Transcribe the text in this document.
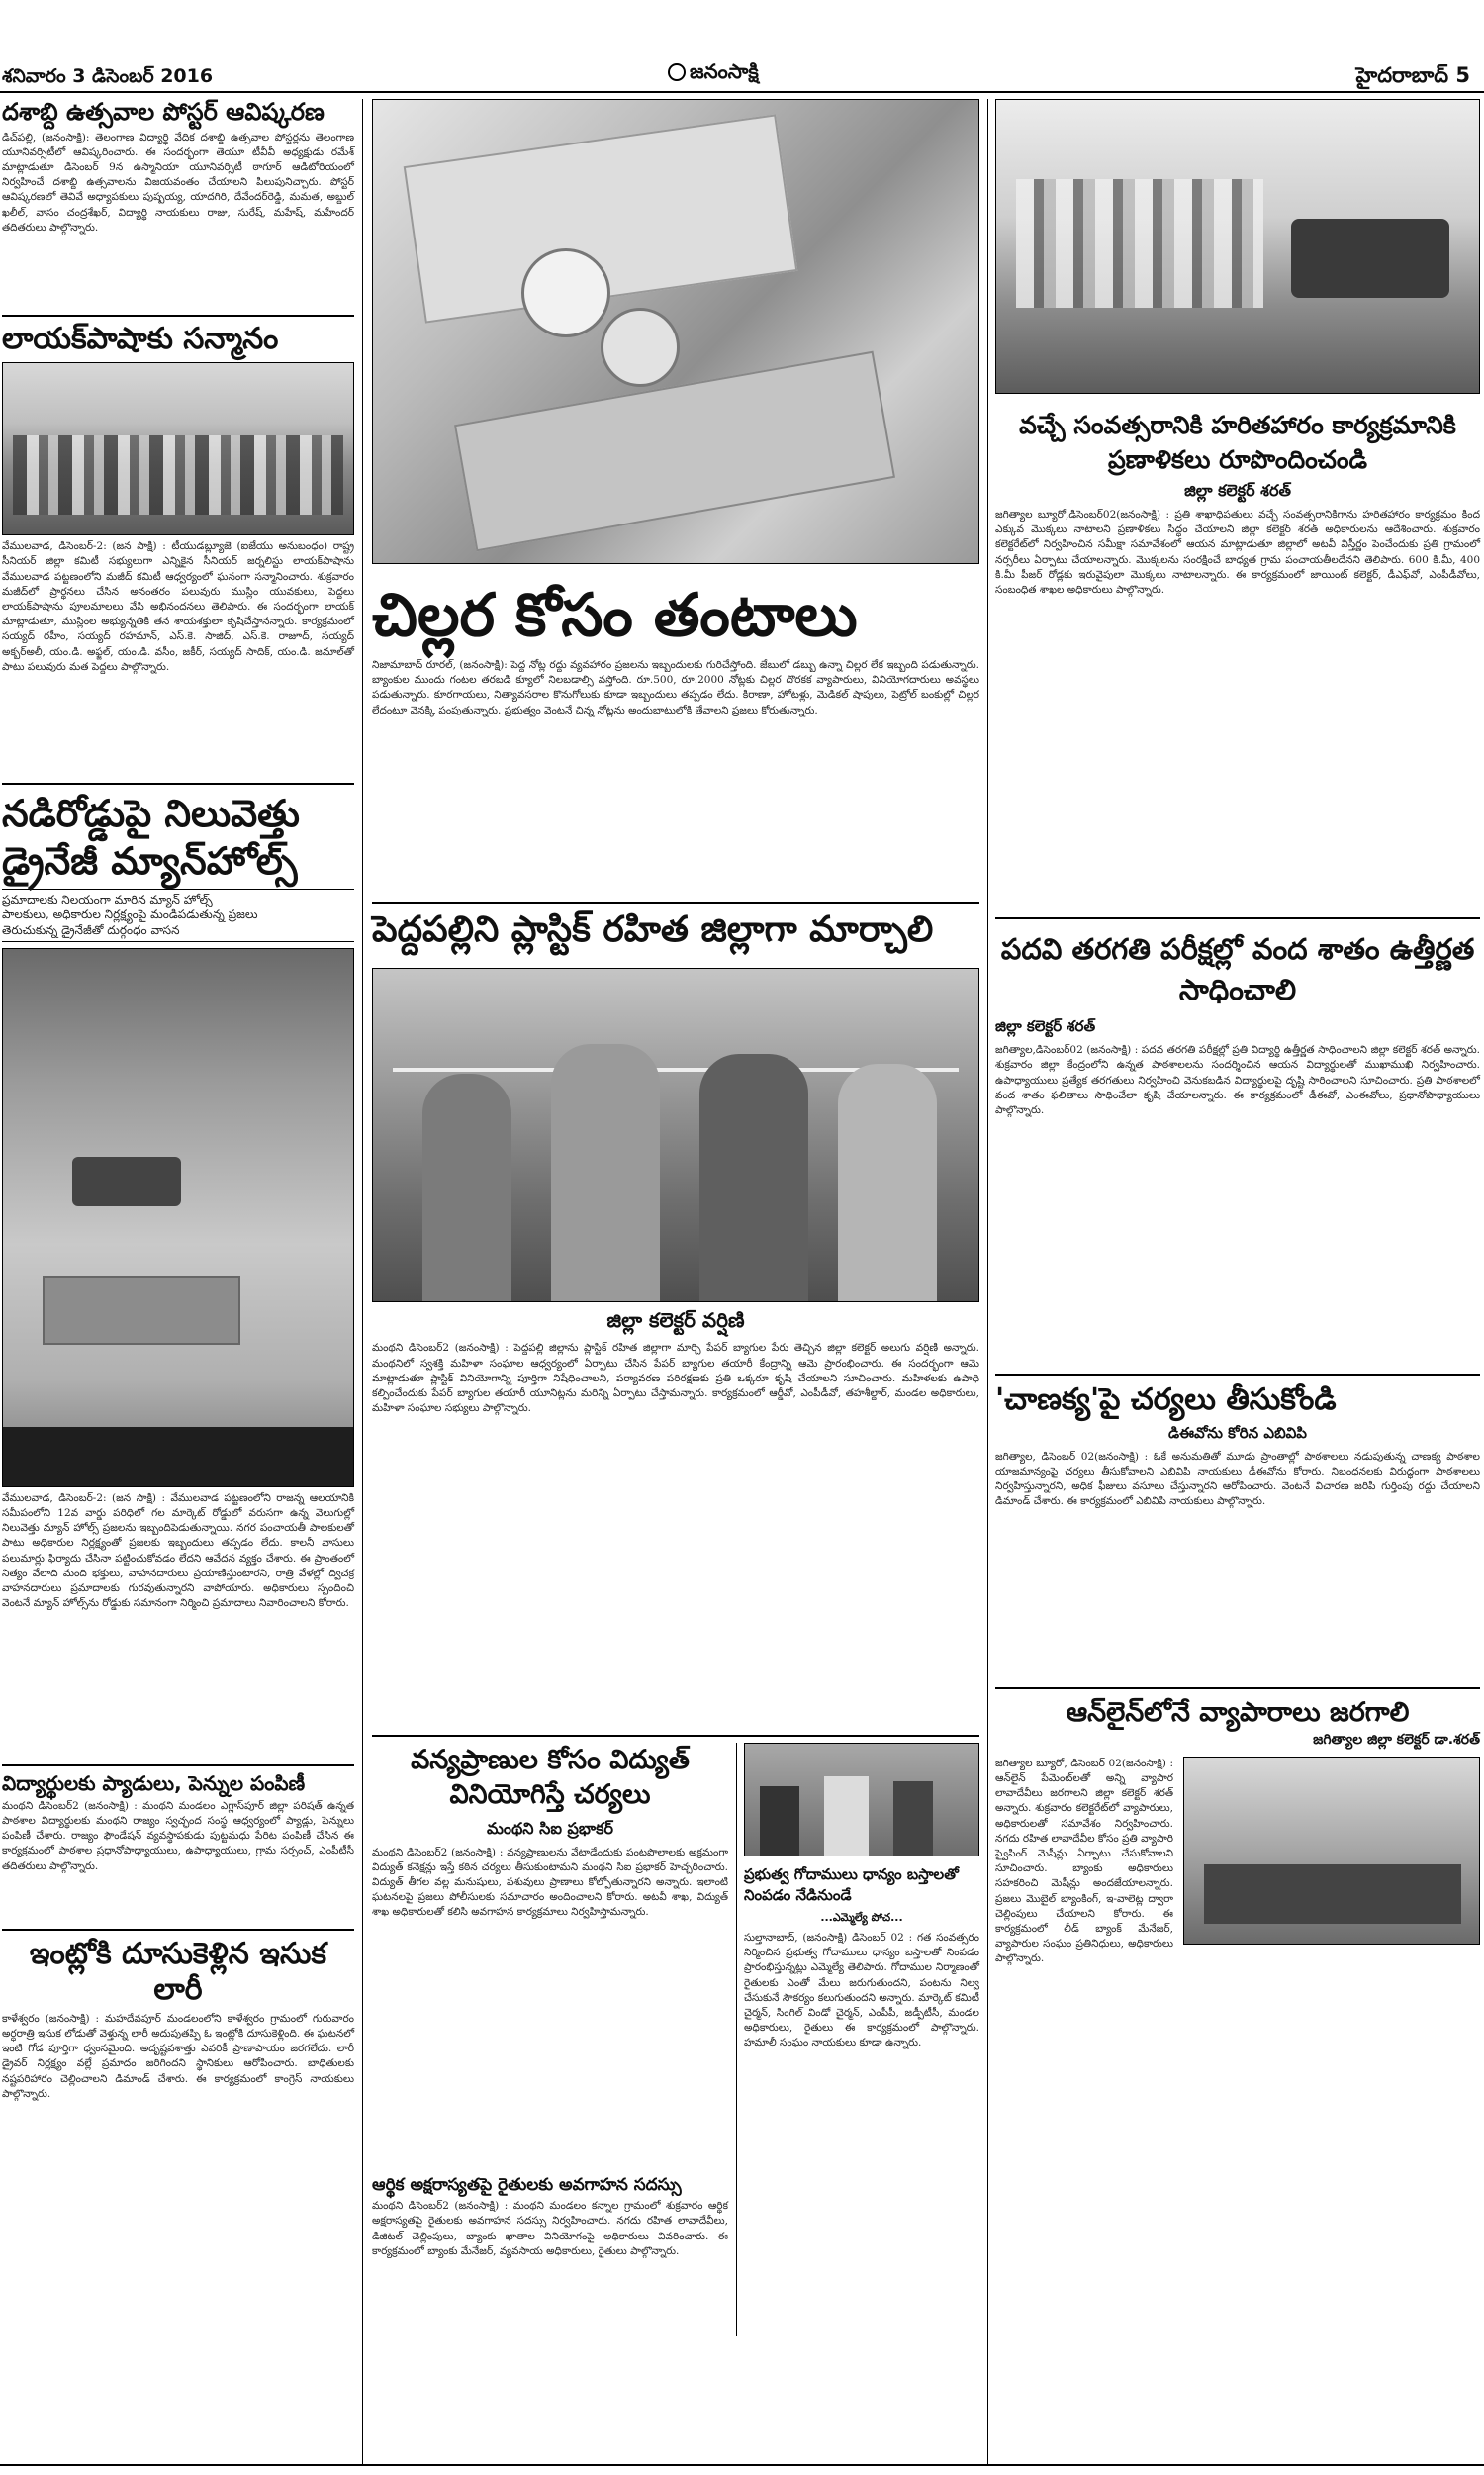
శనివారం 3 డిసెంబర్ 2016	జనంసాక్షి	హైదరాబాద్ 5
దశాబ్ది ఉత్సవాల పోస్టర్ ఆవిష్కరణ
డిచ్‌పల్లి, (జనంసాక్షి): తెలంగాణ విద్యార్థి వేదిక దశాబ్ది ఉత్సవాల పోస్టర్లను తెలంగాణ యూనివర్సిటీలో ఆవిష్కరించారు. ఈ సందర్భంగా తెయూ టీవీవీ అధ్యక్షుడు రమేశ్ మాట్లాడుతూ డిసెంబర్ 9న ఉస్మానియా యూనివర్సిటీ ఠాగూర్ ఆడిటోరియంలో నిర్వహించే దశాబ్ది ఉత్సవాలను విజయవంతం చేయాలని పిలుపునిచ్చారు. పోస్టర్ ఆవిష్కరణలో తెవివే అధ్యాపకులు పుష్పయ్య, యాదగిరి, దేవేందర్‌రెడ్డి, మమత, అబ్దుల్ ఖలీల్, వాసం చంద్రశేఖర్, విద్యార్థి నాయకులు రాజు, సురేష్, మహేష్, మహేందర్ తదితరులు పాల్గొన్నారు.
లాయక్‌పాషాకు సన్మానం
వేములవాడ, డిసెంబర్-2: (జన సాక్షి) : టీయుడబ్ల్యూజె (ఐజేయు అనుబంధం) రాష్ట్ర సీనియర్ జిల్లా కమిటీ సభ్యులుగా ఎన్నికైన సీనియర్ జర్నలిస్టు లాయక్‌పాషాను వేములవాడ పట్టణంలోని మజీద్ కమిటీ ఆధ్వర్యంలో ఘనంగా సన్మానించారు. శుక్రవారం మజీద్‌లో ప్రార్థనలు చేసిన అనంతరం పలువురు ముస్లిం యువకులు, పెద్దలు లాయక్‌పాషాను పూలమాలలు వేసి అభినందనలు తెలిపారు. ఈ సందర్భంగా లాయక్ మాట్లాడుతూ, ముస్లింల అభ్యున్నతికి తన శాయశక్తులా కృషిచేస్తానన్నారు. కార్యక్రమంలో సయ్యద్ రహీం, సయ్యద్ రహమాన్, ఎస్.కె. సాజిద్, ఎస్.కె. రాజూద్, సయ్యద్ అక్బర్‌అలీ, యం.డి. అఫ్జల్, యం.డి. వసీం, జకీర్, సయ్యద్ సాదిక్, యం.డి. జమాల్‌తో పాటు పలువురు మత పెద్దలు పాల్గొన్నారు.
నడిరోడ్డుపై నిలువెత్తు డ్రైనేజీ మ్యాన్‌హోల్స్
ప్రమాదాలకు నిలయంగా మారిన మ్యాన్ హోల్స్
పాలకులు, అధికారుల నిర్లక్ష్యంపై మండిపడుతున్న ప్రజలు
తెరుచుకున్న డ్రైనేజీతో దుర్గంధం వాసన
వేములవాడ, డిసెంబర్-2: (జన సాక్షి) : వేములవాడ పట్టణంలోని రాజన్న ఆలయానికి సమీపంలోని 12వ వార్డు పరిధిలో గల మార్కెట్ రోడ్డులో వరుసగా ఉన్న వెలుగుల్లో నిలువెత్తు మ్యాన్ హోల్స్ ప్రజలను ఇబ్బందిపెడుతున్నాయి. నగర పంచాయతీ పాలకులతో పాటు అధికారుల నిర్లక్ష్యంతో ప్రజలకు ఇబ్బందులు తప్పడం లేదు. కాలనీ వాసులు పలుమార్లు ఫిర్యాదు చేసినా పట్టించుకోవడం లేదని ఆవేదన వ్యక్తం చేశారు. ఈ ప్రాంతంలో నిత్యం వేలాది మంది భక్తులు, వాహనదారులు ప్రయాణిస్తుంటారని, రాత్రి వేళల్లో ద్విచక్ర వాహనదారులు ప్రమాదాలకు గురవుతున్నారని వాపోయారు. అధికారులు స్పందించి వెంటనే మ్యాన్ హోల్స్‌ను రోడ్డుకు సమానంగా నిర్మించి ప్రమాదాలు నివారించాలని కోరారు.
విద్యార్థులకు ప్యాడులు, పెన్నుల పంపిణీ
మంథని డిసెంబర్2 (జనంసాక్షి) : మంథని మండలం ఎగ్లాస్‌పూర్ జిల్లా పరిషత్ ఉన్నత పాఠశాల విద్యార్థులకు మంథని రాజ్యం స్వచ్ఛంద సంస్థ ఆధ్వర్యంలో ప్యాడ్లు, పెన్నులు పంపిణీ చేశారు. రాజ్యం ఫౌండేషన్ వ్యవస్థాపకుడు పుట్టమధు పేరిట పంపిణీ చేసిన ఈ కార్యక్రమంలో పాఠశాల ప్రధానోపాధ్యాయులు, ఉపాధ్యాయులు, గ్రామ సర్పంచ్, ఎంపీటీసీ తదితరులు పాల్గొన్నారు.
ఇంట్లోకి దూసుకెళ్లిన ఇసుక లారీ
కాళేశ్వరం (జనంసాక్షి) : మహదేవపూర్ మండలంలోని కాళేశ్వరం గ్రామంలో గురువారం అర్ధరాత్రి ఇసుక లోడుతో వెళ్తున్న లారీ అదుపుతప్పి ఓ ఇంట్లోకి దూసుకెళ్లింది. ఈ ఘటనలో ఇంటి గోడ పూర్తిగా ధ్వంసమైంది. అదృష్టవశాత్తు ఎవరికీ ప్రాణాపాయం జరగలేదు. లారీ డ్రైవర్ నిర్లక్ష్యం వల్లే ప్రమాదం జరిగిందని స్థానికులు ఆరోపించారు. బాధితులకు నష్టపరిహారం చెల్లించాలని డిమాండ్ చేశారు. ఈ కార్యక్రమంలో కాంగ్రెస్ నాయకులు పాల్గొన్నారు.
చిల్లర కోసం తంటాలు
నిజామాబాద్ రూరల్, (జనంసాక్షి): పెద్ద నోట్ల రద్దు వ్యవహారం ప్రజలను ఇబ్బందులకు గురిచేస్తోంది. జేబులో డబ్బు ఉన్నా చిల్లర లేక ఇబ్బంది పడుతున్నారు. బ్యాంకుల ముందు గంటల తరబడి క్యూలో నిలబడాల్సి వస్తోంది. రూ.500, రూ.2000 నోట్లకు చిల్లర దొరకక వ్యాపారులు, వినియోగదారులు అవస్థలు పడుతున్నారు. కూరగాయలు, నిత్యావసరాల కొనుగోలుకు కూడా ఇబ్బందులు తప్పడం లేదు. కిరాణా, హోటళ్లు, మెడికల్ షాపులు, పెట్రోల్ బంకుల్లో చిల్లర లేదంటూ వెనక్కి పంపుతున్నారు. ప్రభుత్వం వెంటనే చిన్న నోట్లను అందుబాటులోకి తేవాలని ప్రజలు కోరుతున్నారు.
పెద్దపల్లిని ప్లాస్టిక్ రహిత జిల్లాగా మార్చాలి
జిల్లా కలెక్టర్ వర్షిణి
మంథని డిసెంబర్2 (జనంసాక్షి) : పెద్దపల్లి జిల్లాను ప్లాస్టిక్ రహిత జిల్లాగా మార్చి పేపర్ బ్యాగుల పేరు తెచ్చిన జిల్లా కలెక్టర్ అలుగు వర్షిణి అన్నారు. మంథనిలో స్వశక్తి మహిళా సంఘాల ఆధ్వర్యంలో ఏర్పాటు చేసిన పేపర్ బ్యాగుల తయారీ కేంద్రాన్ని ఆమె ప్రారంభించారు. ఈ సందర్భంగా ఆమె మాట్లాడుతూ ప్లాస్టిక్ వినియోగాన్ని పూర్తిగా నిషేధించాలని, పర్యావరణ పరిరక్షణకు ప్రతి ఒక్కరూ కృషి చేయాలని సూచించారు. మహిళలకు ఉపాధి కల్పించేందుకు పేపర్ బ్యాగుల తయారీ యూనిట్లను మరిన్ని ఏర్పాటు చేస్తామన్నారు. కార్యక్రమంలో ఆర్డీవో, ఎంపీడీవో, తహశీల్దార్, మండల అధికారులు, మహిళా సంఘాల సభ్యులు పాల్గొన్నారు.
వన్యప్రాణుల కోసం విద్యుత్ వినియోగిస్తే చర్యలు
మంథని సిఐ ప్రభాకర్
మంథని డిసెంబర్2 (జనంసాక్షి) : వన్యప్రాణులను వేటాడేందుకు పంటపొలాలకు అక్రమంగా విద్యుత్ కనెక్షన్లు ఇస్తే కఠిన చర్యలు తీసుకుంటామని మంథని సిఐ ప్రభాకర్ హెచ్చరించారు. విద్యుత్ తీగల వల్ల మనుషులు, పశువులు ప్రాణాలు కోల్పోతున్నారని అన్నారు. ఇలాంటి ఘటనలపై ప్రజలు పోలీసులకు సమాచారం అందించాలని కోరారు. అటవీ శాఖ, విద్యుత్ శాఖ అధికారులతో కలిసి అవగాహన కార్యక్రమాలు నిర్వహిస్తామన్నారు.
ఆర్థిక అక్షరాస్యతపై రైతులకు అవగాహన సదస్సు
మంథని డిసెంబర్2 (జనంసాక్షి) : మంథని మండలం కన్నాల గ్రామంలో శుక్రవారం ఆర్థిక అక్షరాస్యతపై రైతులకు అవగాహన సదస్సు నిర్వహించారు. నగదు రహిత లావాదేవీలు, డిజిటల్ చెల్లింపులు, బ్యాంకు ఖాతాల వినియోగంపై అధికారులు వివరించారు. ఈ కార్యక్రమంలో బ్యాంకు మేనేజర్, వ్యవసాయ అధికారులు, రైతులు పాల్గొన్నారు.
ప్రభుత్వ గోదాములు ధాన్యం బస్తాలతో నింపడం నేడినుండే
...ఎమ్మెల్యే పోచ...
సుల్తానాబాద్, (జనంసాక్షి) డిసెంబర్ 02 : గత సంవత్సరం నిర్మించిన ప్రభుత్వ గోదాములు ధాన్యం బస్తాలతో నింపడం ప్రారంభిస్తున్నట్లు ఎమ్మెల్యే తెలిపారు. గోదాముల నిర్మాణంతో రైతులకు ఎంతో మేలు జరుగుతుందని, పంటను నిల్వ చేసుకునే సౌకర్యం కలుగుతుందని అన్నారు. మార్కెట్ కమిటీ చైర్మన్, సింగిల్ విండో చైర్మన్, ఎంపీపీ, జడ్పీటీసీ, మండల అధికారులు, రైతులు ఈ కార్యక్రమంలో పాల్గొన్నారు. హమాలీ సంఘం నాయకులు కూడా ఉన్నారు.
వచ్చే సంవత్సరానికి హరితహారం కార్యక్రమానికి ప్రణాళికలు రూపొందించండి
జిల్లా కలెక్టర్ శరత్
జగిత్యాల బ్యూరో,డిసెంబర్02(జనంసాక్షి) : ప్రతి శాఖాధిపతులు వచ్చే సంవత్సరానికిగాను హరితహారం కార్యక్రమం కింద ఎక్కువ మొక్కలు నాటాలని ప్రణాళికలు సిద్ధం చేయాలని జిల్లా కలెక్టర్ శరత్ అధికారులను ఆదేశించారు. శుక్రవారం కలెక్టరేట్‌లో నిర్వహించిన సమీక్షా సమావేశంలో ఆయన మాట్లాడుతూ జిల్లాలో అటవీ విస్తీర్ణం పెంచేందుకు ప్రతి గ్రామంలో నర్సరీలు ఏర్పాటు చేయాలన్నారు. మొక్కలను సంరక్షించే బాధ్యత గ్రామ పంచాయతీలదేనని తెలిపారు. 600 కి.మీ, 400 కి.మీ పీజర్ రోడ్లకు ఇరువైపులా మొక్కలు నాటాలన్నారు. ఈ కార్యక్రమంలో జాయింట్ కలెక్టర్, డీఎఫ్‌వో, ఎంపీడీవోలు, సంబంధిత శాఖల అధికారులు పాల్గొన్నారు.
పదవి తరగతి పరీక్షల్లో వంద శాతం ఉత్తీర్ణత సాధించాలి
జిల్లా కలెక్టర్ శరత్
జగిత్యాల,డిసెంబర్02 (జనంసాక్షి) : పదవ తరగతి పరీక్షల్లో ప్రతి విద్యార్థి ఉత్తీర్ణత సాధించాలని జిల్లా కలెక్టర్ శరత్ అన్నారు. శుక్రవారం జిల్లా కేంద్రంలోని ఉన్నత పాఠశాలలను సందర్శించిన ఆయన విద్యార్థులతో ముఖాముఖి నిర్వహించారు. ఉపాధ్యాయులు ప్రత్యేక తరగతులు నిర్వహించి వెనుకబడిన విద్యార్థులపై దృష్టి సారించాలని సూచించారు. ప్రతి పాఠశాలలో వంద శాతం ఫలితాలు సాధించేలా కృషి చేయాలన్నారు. ఈ కార్యక్రమంలో డీఈవో, ఎంఈవోలు, ప్రధానోపాధ్యాయులు పాల్గొన్నారు.
'చాణక్య'పై చర్యలు తీసుకోండి
డిఈవోను కోరిన ఎబివిపి
జగిత్యాల, డిసెంబర్ 02(జనంసాక్షి) : ఓకే అనుమతితో మూడు ప్రాంతాల్లో పాఠశాలలు నడుపుతున్న చాణక్య పాఠశాల యాజమాన్యంపై చర్యలు తీసుకోవాలని ఎబివిపి నాయకులు డీఈవోను కోరారు. నిబంధనలకు విరుద్ధంగా పాఠశాలలు నిర్వహిస్తున్నారని, అధిక ఫీజులు వసూలు చేస్తున్నారని ఆరోపించారు. వెంటనే విచారణ జరిపి గుర్తింపు రద్దు చేయాలని డిమాండ్ చేశారు. ఈ కార్యక్రమంలో ఎబివిపి నాయకులు పాల్గొన్నారు.
ఆన్‌లైన్‌లోనే వ్యాపారాలు జరగాలి
జగిత్యాల జిల్లా కలెక్టర్ డా.శరత్
జగిత్యాల బ్యూరో, డిసెంబర్ 02(జనంసాక్షి) : ఆన్‌లైన్ పేమెంట్‌లతో అన్ని వ్యాపార లావాదేవీలు జరగాలని జిల్లా కలెక్టర్ శరత్ అన్నారు. శుక్రవారం కలెక్టరేట్‌లో వ్యాపారులు, అధికారులతో సమావేశం నిర్వహించారు. నగదు రహిత లావాదేవీల కోసం ప్రతి వ్యాపారి స్వైపింగ్ మెషీన్లు ఏర్పాటు చేసుకోవాలని సూచించారు. బ్యాంకు అధికారులు సహకరించి మెషీన్లు అందజేయాలన్నారు. ప్రజలు మొబైల్ బ్యాంకింగ్, ఇ-వాలెట్ల ద్వారా చెల్లింపులు చేయాలని కోరారు. ఈ కార్యక్రమంలో లీడ్ బ్యాంక్ మేనేజర్, వ్యాపారుల సంఘం ప్రతినిధులు, అధికారులు పాల్గొన్నారు.
